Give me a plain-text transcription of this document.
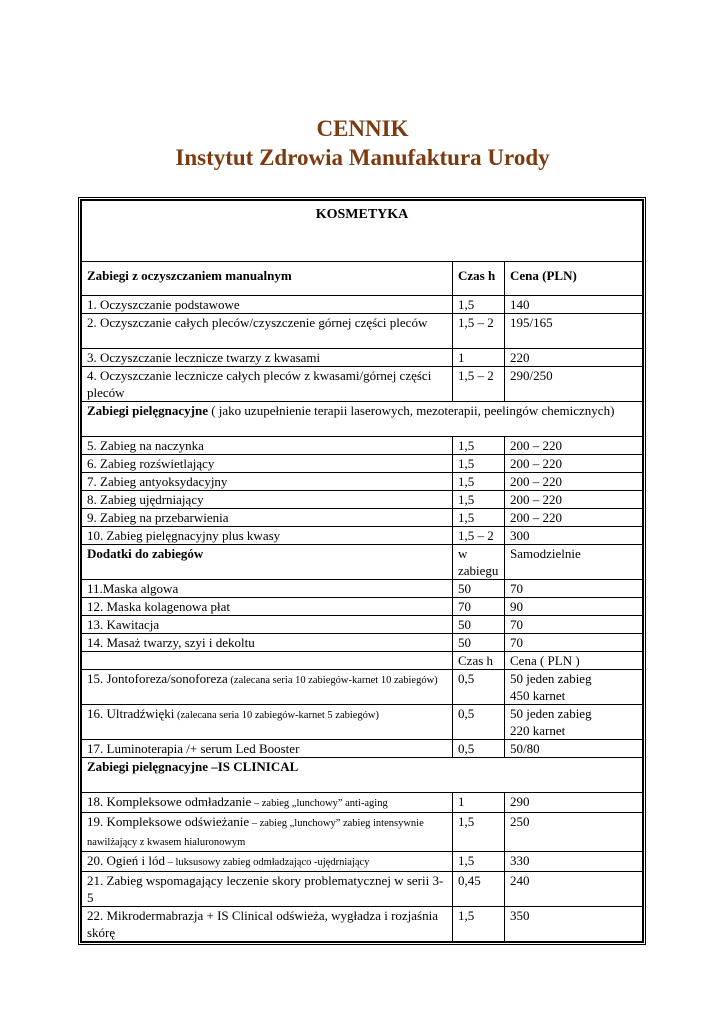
CENNIK
Instytut Zdrowia Manufaktura Urody
KOSMETYKA		
Zabiegi z oczyszczaniem manualnym	Czas h	Cena (PLN)
1. Oczyszczanie podstawowe	1,5	140
2. Oczyszczanie całych pleców/czyszczenie górnej części pleców	1,5 – 2	195/165
3. Oczyszczanie lecznicze twarzy z kwasami	1	220
4. Oczyszczanie lecznicze całych pleców z kwasami/górnej części pleców	1,5 – 2	290/250
Zabiegi pielęgnacyjne ( jako uzupełnienie terapii laserowych, mezoterapii, peelingów chemicznych)		
5. Zabieg na naczynka	1,5	200 – 220
6. Zabieg rozświetlający	1,5	200 – 220
7. Zabieg antyoksydacyjny	1,5	200 – 220
8. Zabieg ujędrniający	1,5	200 – 220
9. Zabieg na przebarwienia	1,5	200 – 220
10. Zabieg pielęgnacyjny plus kwasy	1,5 – 2	300
Dodatki do zabiegów	w zabiegu	Samodzielnie
11.Maska algowa	50	70
12. Maska kolagenowa płat	70	90
13. Kawitacja	50	70
14. Masaż twarzy, szyi i dekoltu	50	70
	Czas h	Cena ( PLN )
15. Jontoforeza/sonoforeza (zalecana seria 10 zabiegów-karnet 10 zabiegów)	0,5	50 jeden zabieg
450 karnet
16. Ultradźwięki (zalecana seria 10 zabiegów-karnet 5 zabiegów)	0,5	50 jeden zabieg
220 karnet
17. Luminoterapia /+ serum Led Booster	0,5	50/80
Zabiegi pielęgnacyjne –IS CLINICAL		
18. Kompleksowe odmładzanie – zabieg „lunchowy” anti-aging	1	290
19. Kompleksowe odświeżanie – zabieg „lunchowy” zabieg intensywnie nawilżający z kwasem hialuronowym	1,5	250
20. Ogień i lód – luksusowy zabieg odmładzająco -ujędrniający	1,5	330
21. Zabieg wspomagający leczenie skory problematycznej w serii 3-5	0,45	240
22. Mikrodermabrazja + IS Clinical odświeża, wygładza i rozjaśnia skórę	1,5	350
